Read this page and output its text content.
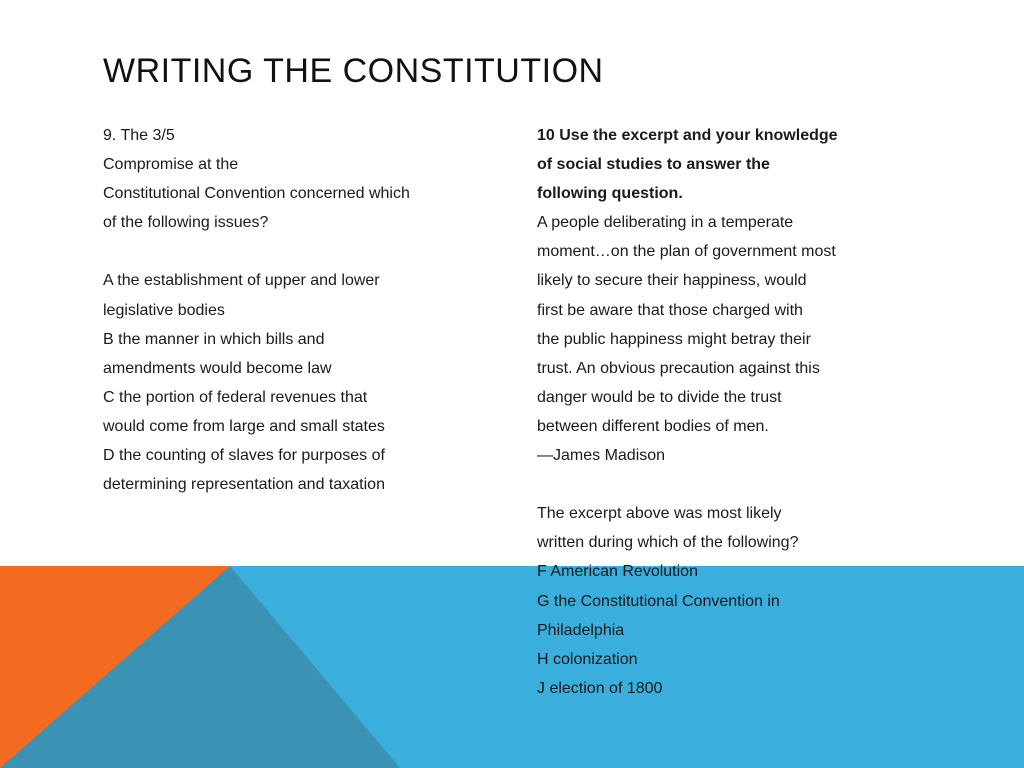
WRITING THE CONSTITUTION
9. The 3/5
Compromise at the
Constitutional Convention concerned which
of the following issues?
A the establishment of upper and lower
legislative bodies
B the manner in which bills and
amendments would become law
C the portion of federal revenues that
would come from large and small states
D the counting of slaves for purposes of
determining representation and taxation
10 Use the excerpt and your knowledge
of social studies to answer the
following question.
A people deliberating in a temperate
moment…on the plan of government most
likely to secure their happiness, would
first be aware that those charged with
the public happiness might betray their
trust. An obvious precaution against this
danger would be to divide the trust
between different bodies of men.
—James Madison
The excerpt above was most likely
written during which of the following?
F American Revolution
G the Constitutional Convention in
Philadelphia
H colonization
J election of 1800
